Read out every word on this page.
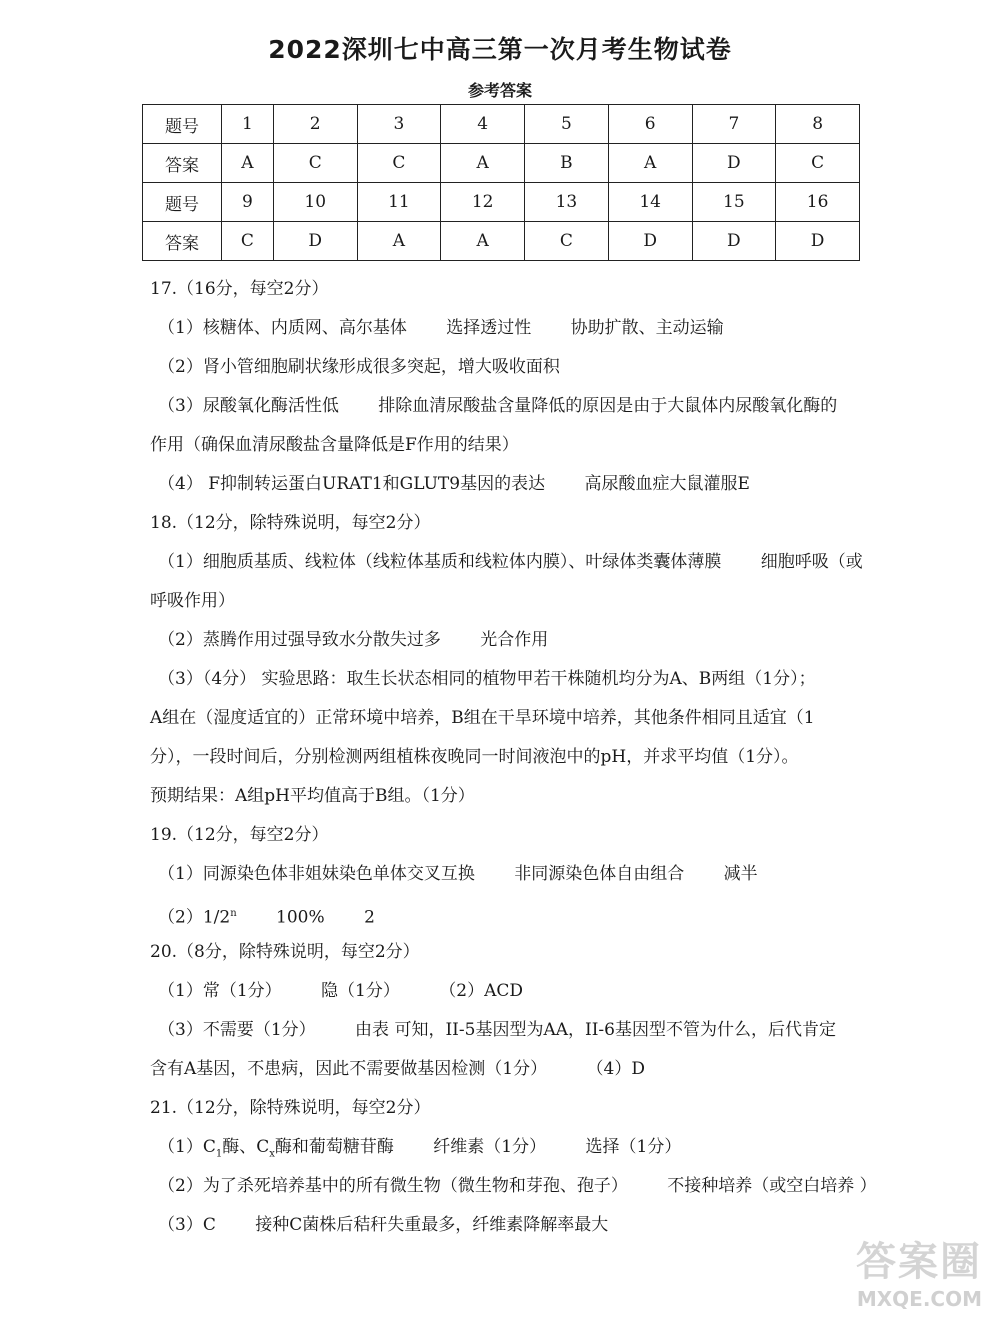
2022深圳七中高三第一次月考生物试卷
参考答案
题号	1	2	3	4	5	6	7	8
答案	A	C	C	A	B	A	D	C
题号	9	10	11	12	13	14	15	16
答案	C	D	A	A	C	D	D	D
17.（16分，每空2分）
（1）核糖体、内质网、高尔基体 选择透过性 协助扩散、主动运输
（2）肾小管细胞刷状缘形成很多突起，增大吸收面积
（3）尿酸氧化酶活性低 排除血清尿酸盐含量降低的原因是由于大鼠体内尿酸氧化酶的
作用（确保血清尿酸盐含量降低是F作用的结果）
（4） F抑制转运蛋白URAT1和GLUT9基因的表达 高尿酸血症大鼠灌服E
18.（12分，除特殊说明，每空2分）
（1）细胞质基质、线粒体（线粒体基质和线粒体内膜）、叶绿体类囊体薄膜 细胞呼吸（或
呼吸作用）
（2）蒸腾作用过强导致水分散失过多 光合作用
（3）（4分） 实验思路：取生长状态相同的植物甲若干株随机均分为A、B两组（1分）；
A组在（湿度适宜的）正常环境中培养，B组在干旱环境中培养，其他条件相同且适宜（1
分），一段时间后，分别检测两组植株夜晚同一时间液泡中的pH，并求平均值（1分）。
预期结果：A组pH平均值高于B组。（1分）
19.（12分，每空2分）
（1）同源染色体非姐妹染色单体交叉互换 非同源染色体自由组合 减半
（2）1/2$^n$ 100% 2
20.（8分，除特殊说明，每空2分）
（1）常（1分） 隐（1分） （2）ACD
（3）不需要（1分） 由表 可知，II-5基因型为AA，II-6基因型不管为什么，后代肯定
含有A基因，不患病，因此不需要做基因检测（1分） （4）D
21.（12分，除特殊说明，每空2分）
$(1)C_1$酶、$C_x$酶和葡萄糖苷酶 纤维素（1分） 选择（1分）
（2）为了杀死培养基中的所有微生物（微生物和芽孢、孢子） 不接种培养（或空白培养 ）
（3）C 接种C菌株后秸秆失重最多，纤维素降解率最大
答案圈
MXQE.COM
